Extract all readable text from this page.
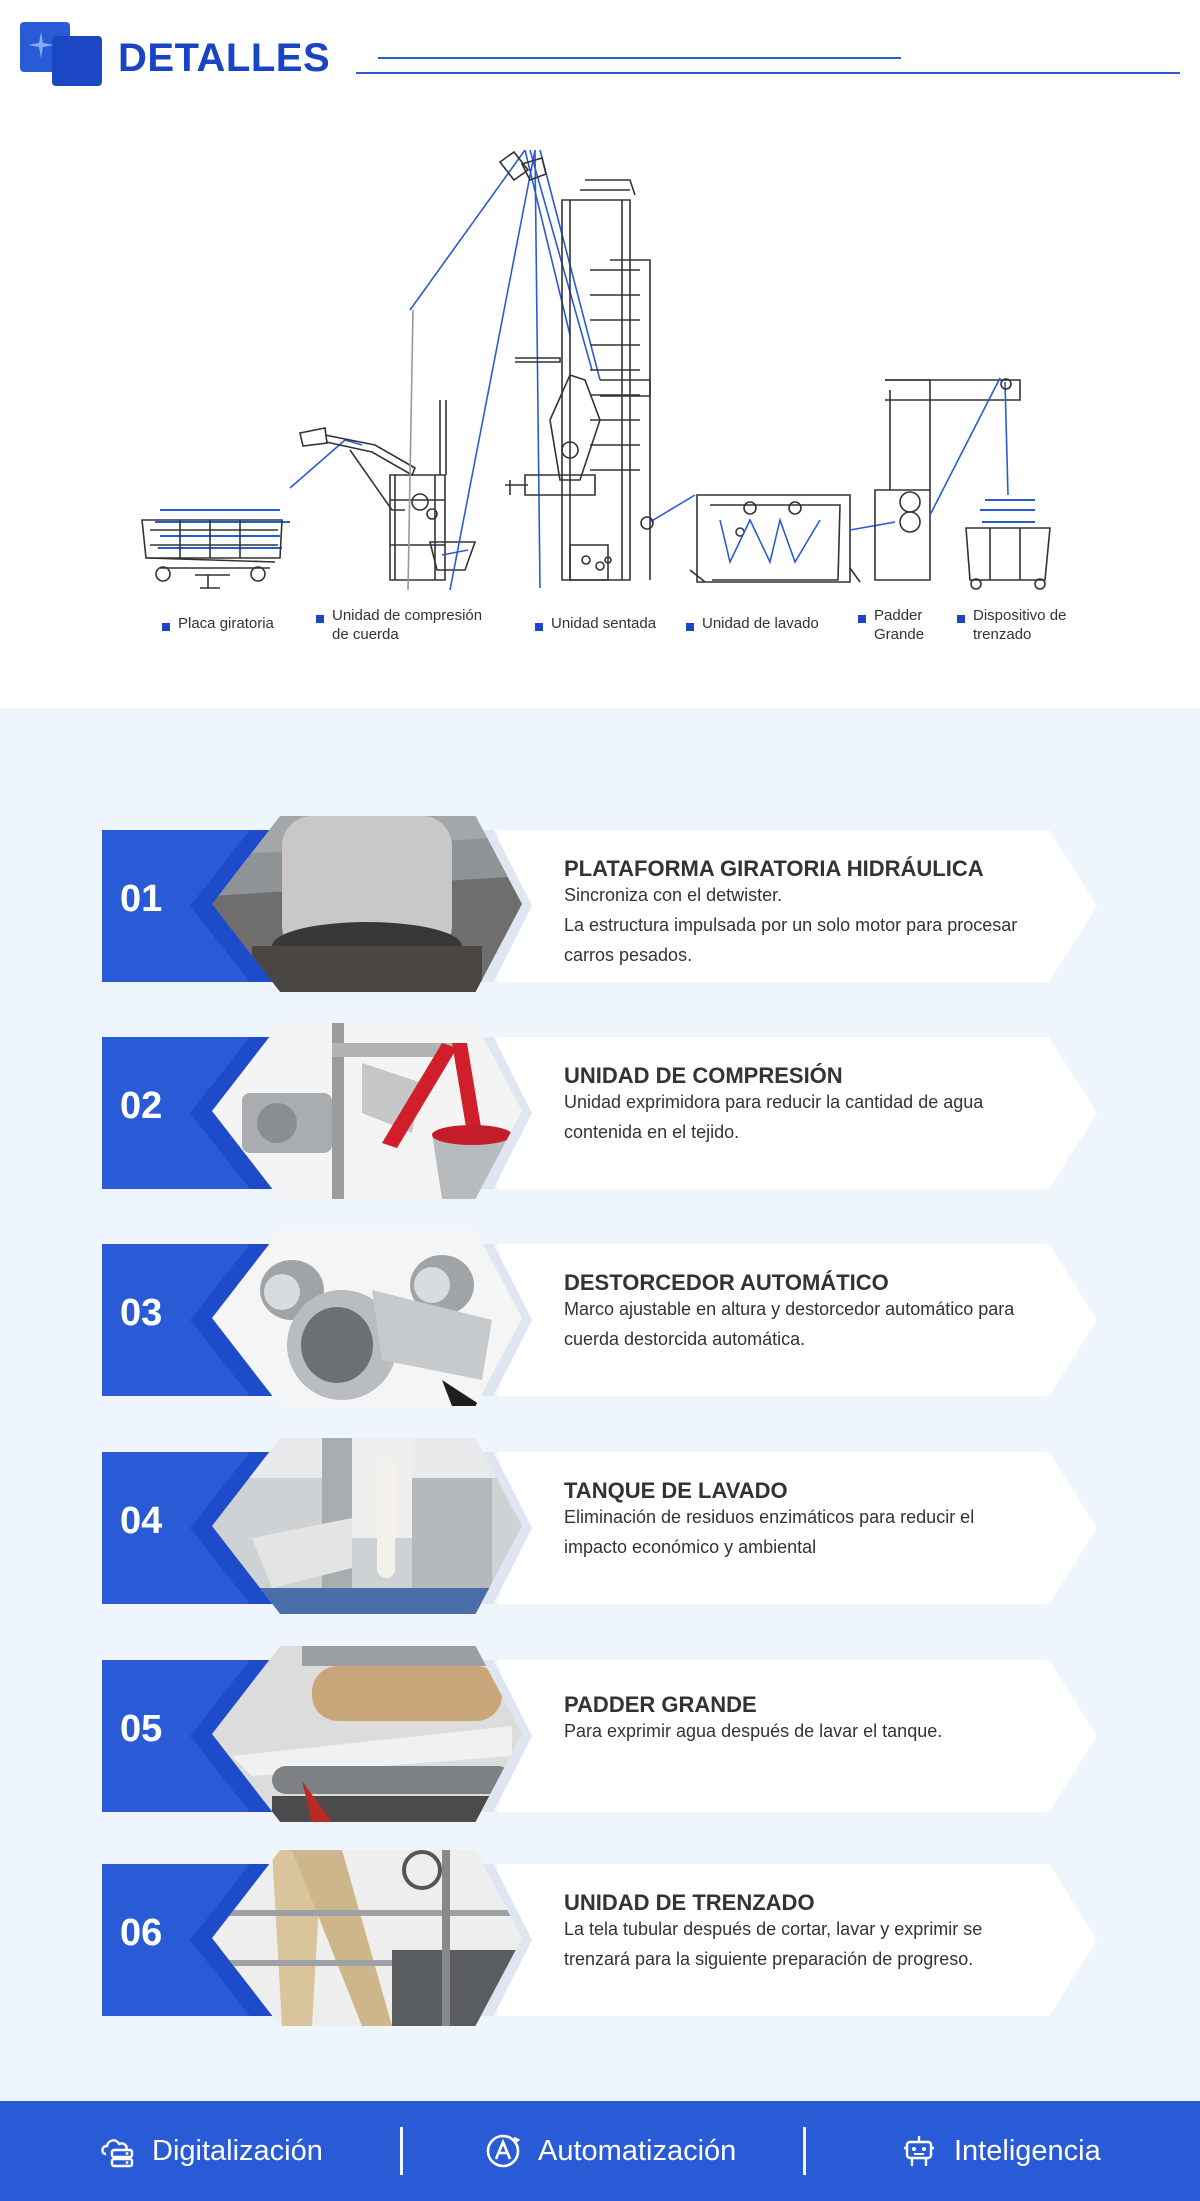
DETALLES
Placa giratoria	Unidad de compresión de cuerda
Unidad sentada	Unidad de lavado	Padder Grande
Dispositivo de trenzado
01
PLATAFORMA GIRATORIA HIDRÁULICA
Sincroniza con el detwister.
La estructura impulsada por un solo motor para procesar carros pesados.
02
UNIDAD DE COMPRESIÓN
Unidad exprimidora para reducir la cantidad de agua contenida en el tejido.
03
DESTORCEDOR AUTOMÁTICO
Marco ajustable en altura y destorcedor automático para cuerda destorcida automática.
04
TANQUE DE LAVADO
Eliminación de residuos enzimáticos para reducir el impacto económico y ambiental
05
PADDER GRANDE
Para exprimir agua después de lavar el tanque.
06
UNIDAD DE TRENZADO
La tela tubular después de cortar, lavar y exprimir se trenzará para la siguiente preparación de progreso.
Digitalización	Automatización	Inteligencia
